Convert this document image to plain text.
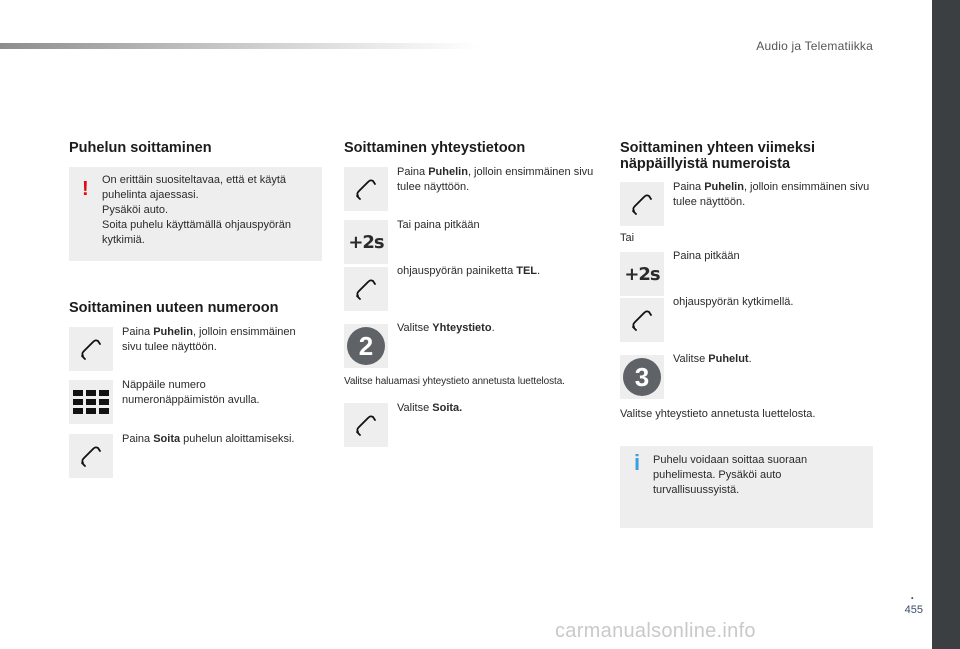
Audio ja Telematiikka
Puhelun soittaminen
! On erittäin suositeltavaa, että et käytä
puhelinta ajaessasi.
Pysäköi auto.
Soita puhelu käyttämällä ohjauspyörän
kytkimiä.
Soittaminen uuteen numeroon
Paina Puhelin, jolloin ensimmäinen sivu tulee näyttöön.
Näppäile numero
numeronäppäimistön avulla.
Paina Soita puhelun aloittamiseksi.
Soittaminen yhteystietoon
Paina Puhelin, jolloin ensimmäinen sivu tulee näyttöön.
+2s
Tai paina pitkään
ohjauspyörän painiketta TEL.
2
Valitse Yhteystieto.
Valitse haluamasi yhteystieto annetusta luettelosta.
Valitse Soita.
Soittaminen yhteen viimeksi
näppäillyistä numeroista
Paina Puhelin, jolloin ensimmäinen sivu tulee näyttöön.
Tai
+2s
Paina pitkään
ohjauspyörän kytkimellä.
3
Valitse Puhelut.
Valitse yhteystieto annetusta luettelosta.
i Puhelu voidaan soittaa suoraan
puhelimesta. Pysäköi auto
turvallisuussyistä.
.
455
carmanualsonline.info
